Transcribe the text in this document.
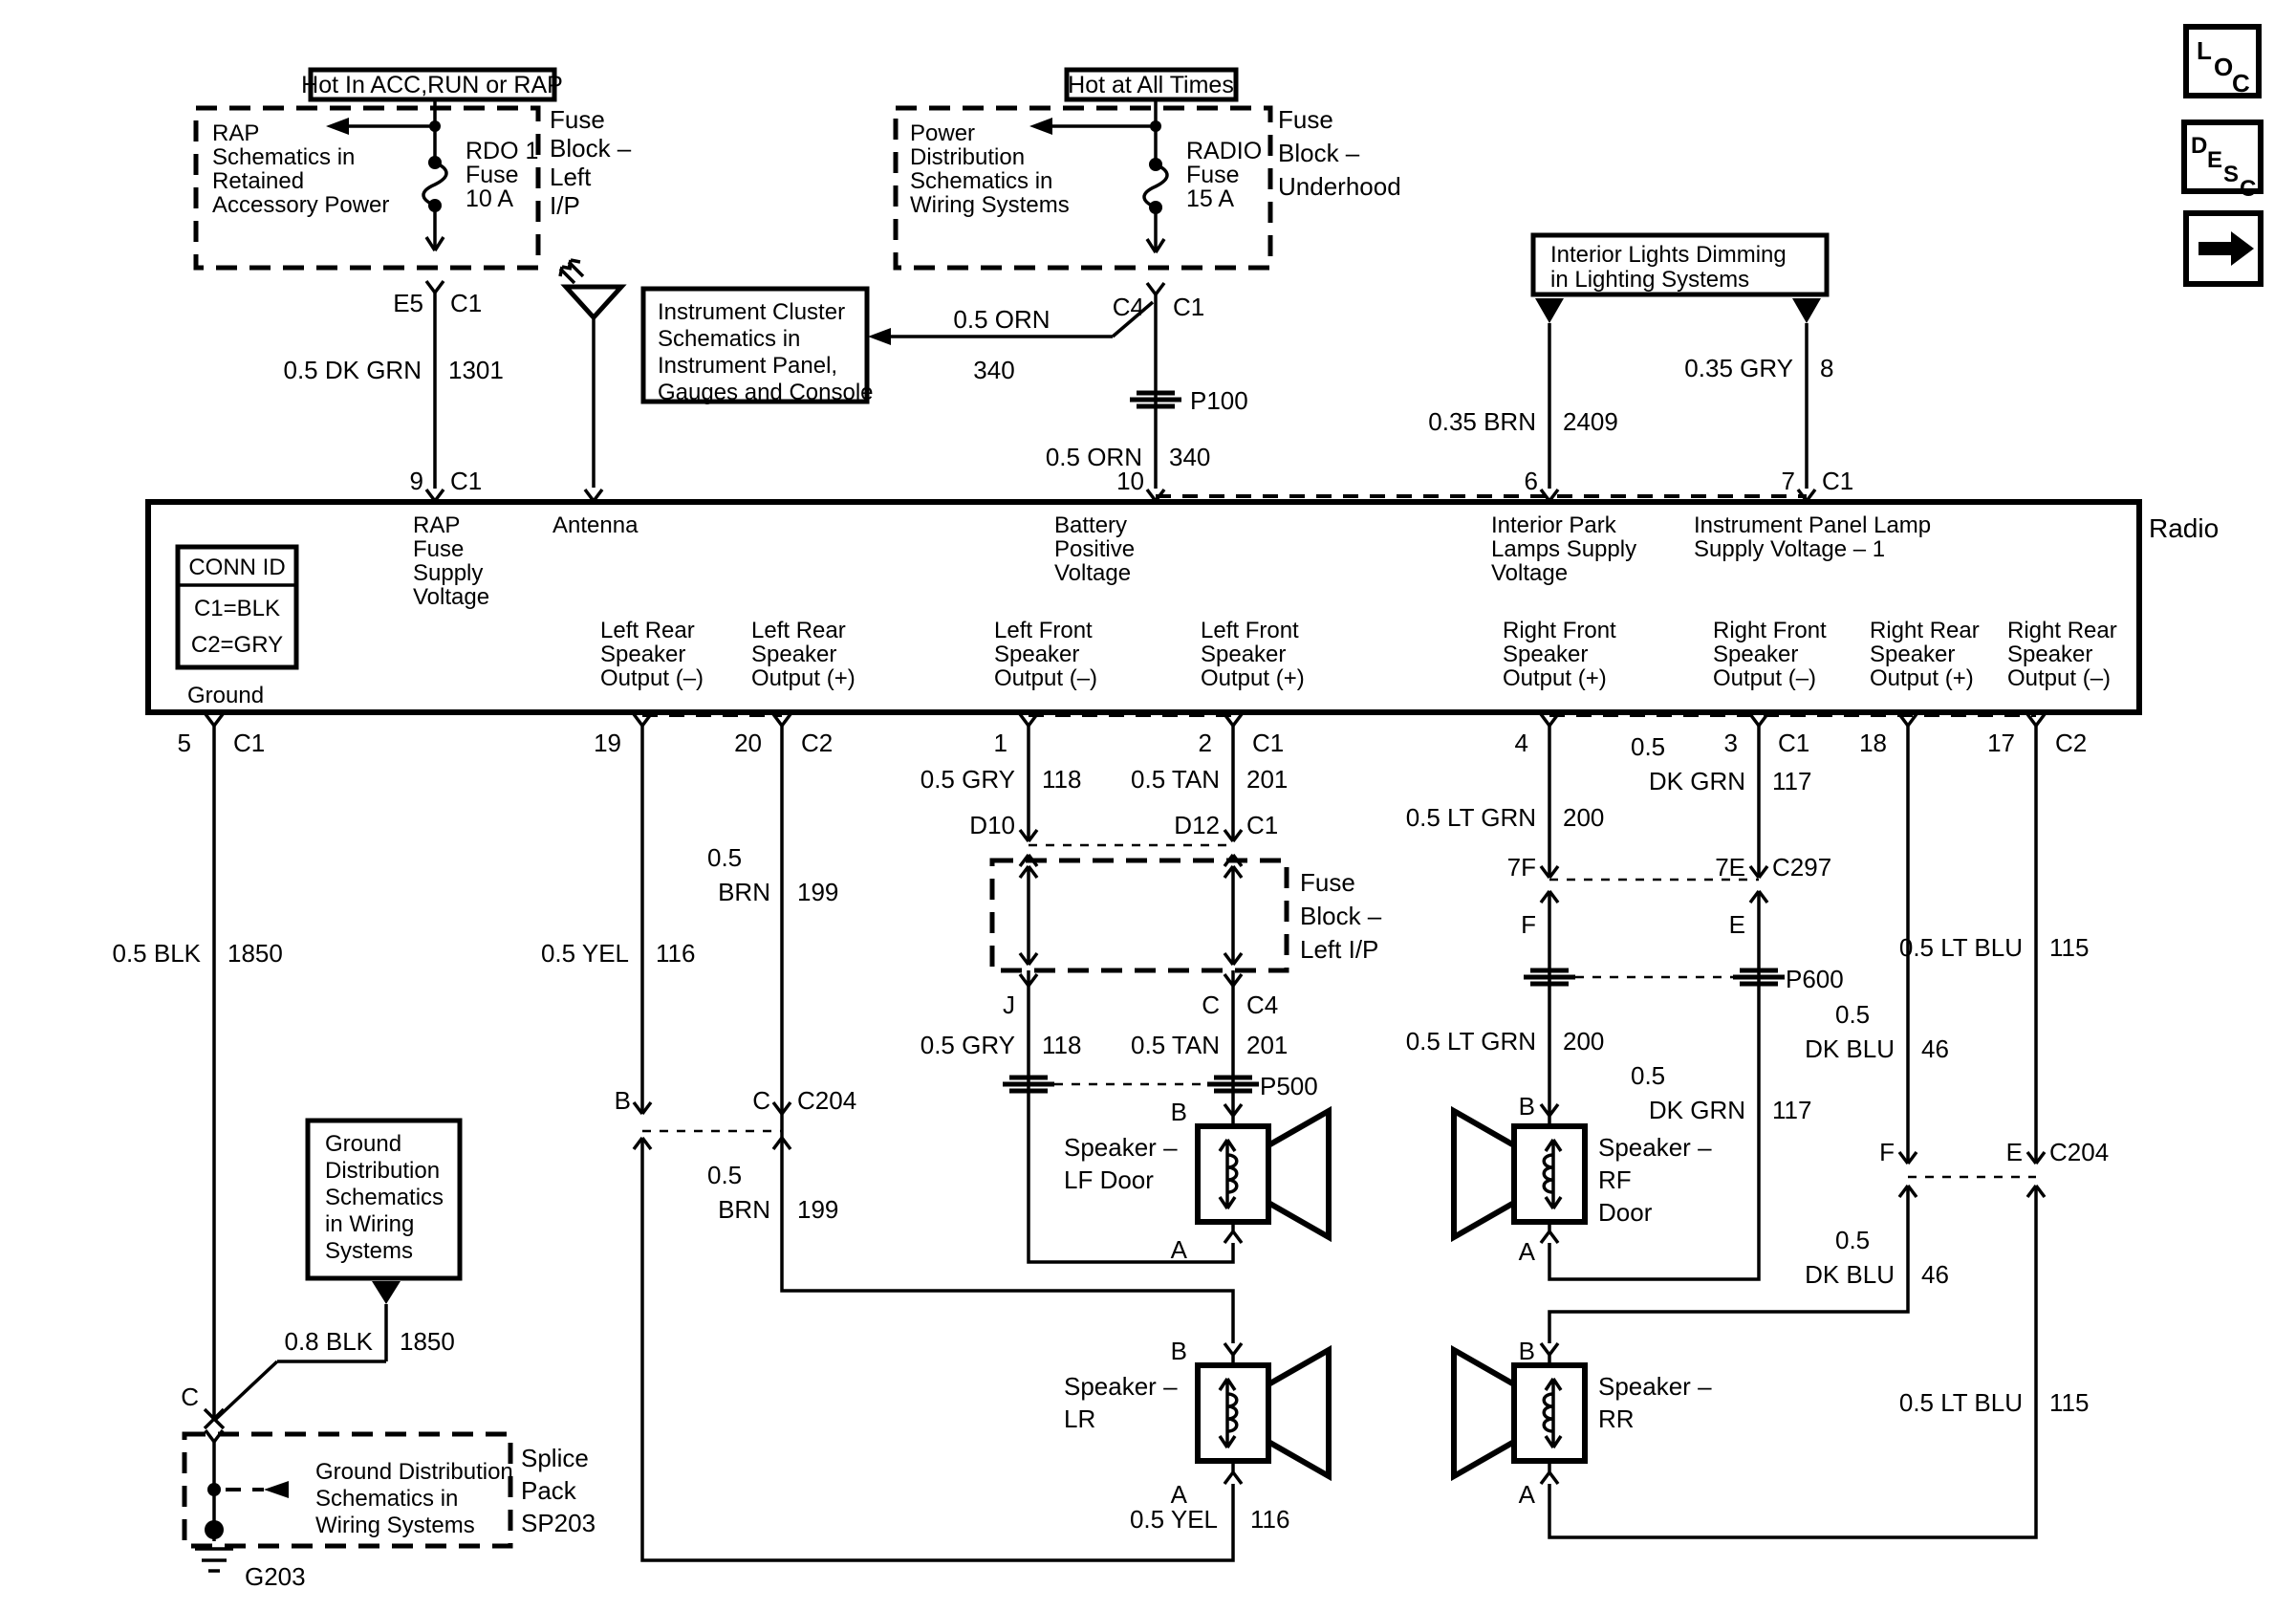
Hot In ACC,RUN or RAP
RAP
Schematics in
Retained
Accessory Power
RDO 1
Fuse
10 A
Fuse
Block –
Left
I/P
E5 C1
0.5 DK GRN 1301
9 C1
Hot at All Times
Power
Distribution
Schematics in
Wiring Systems
RADIO
Fuse
15 A
Fuse
Block –
Underhood
C4 C1
Instrument Cluster
Schematics in
Instrument Panel,
Gauges and Console
0.5 ORN
340
P100
0.5 ORN 340
10
Interior Lights Dimming
in Lighting Systems
0.35 GRY 8
0.35 BRN 2409
6	7 C1
Radio
CONN ID
C1=BLK
C2=GRY
Ground
RAP
Fuse
Supply
Voltage
Antenna	Battery
Positive
Voltage
Interior Park
Lamps Supply
Voltage
Instrument Panel Lamp
Supply Voltage – 1
Left Rear
Speaker
Output (–)
Left Rear
Speaker
Output (+)
Left Front
Speaker
Output (–)
Left Front
Speaker
Output (+)
Right Front
Speaker
Output (+)
Right Front
Speaker
Output (–)
Right Rear
Speaker
Output (+)
Right Rear
Speaker
Output (–)
5 C1	19	20 C2	1	2 C1	4	3 C1 18	17 C2
0.5 BLK 1850
C
0.8 BLK 1850
Ground
Distribution
Schematics
in Wiring
Systems
Ground Distribution
Schematics in
Wiring Systems
Splice
Pack
SP203
G203
0.5
BRN 199
0.5 YEL 116
B	C C204
0.5
BRN 199
0.5 YEL 116
Fuse
Block –
Left I/P
0.5 GRY 118 0.5 TAN 201
D10	D12 C1
J	C C4
0.5 GRY 118 0.5 TAN 201
P500
0.5
DK GRN 117
0.5 LT GRN 200
7F	7E C297
F	E
P600
0.5 LT GRN 200
0.5
DK GRN 117
0.5 LT BLU 115
0.5
DK BLU 46
F	E C204
0.5
DK BLU 46
0.5 LT BLU 115
B
A
Speaker –
LF Door
B
A
Speaker –
LR
B
A
Speaker –
RF
Door
B
A
Speaker –
RR
L
O
C
D
E
S
C
